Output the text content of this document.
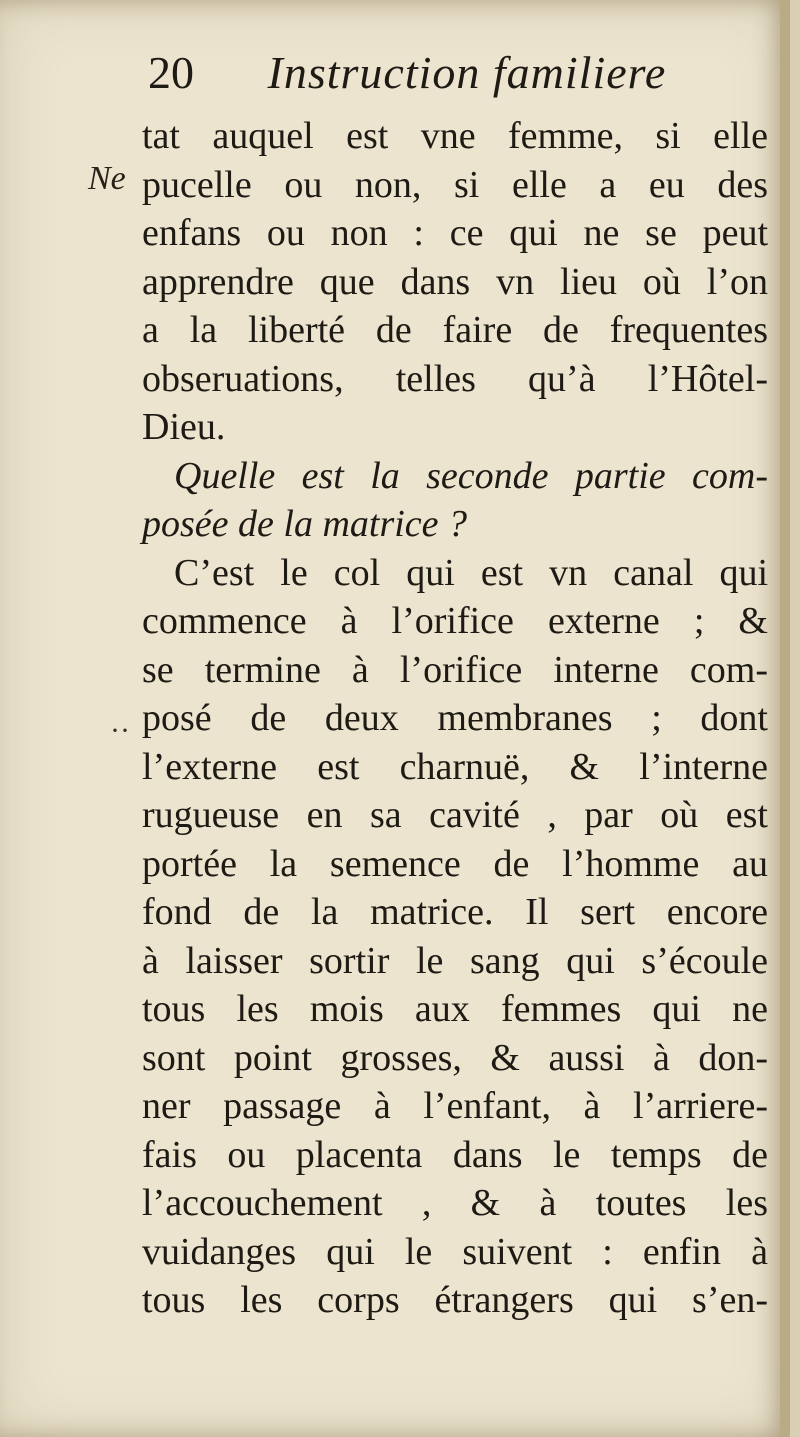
20 Instruction familiere
Ne
··
tat auquel est vne femme, si elle
pucelle ou non, si elle a eu des
enfans ou non : ce qui ne se peut
apprendre que dans vn lieu où l’on
a la liberté de faire de frequentes
obseruations, telles qu’à l’Hôtel-
Dieu.
Quelle est la seconde partie com-
posée de la matrice ?
C’est le col qui est vn canal qui
commence à l’orifice externe ; &
se termine à l’orifice interne com-
posé de deux membranes ; dont
l’externe est charnuë, & l’interne
rugueuse en sa cavité , par où est
portée la semence de l’homme au
fond de la matrice. Il sert encore
à laisser sortir le sang qui s’écoule
tous les mois aux femmes qui ne
sont point grosses, & aussi à don-
ner passage à l’enfant, à l’arriere-
fais ou placenta dans le temps de
l’accouchement , & à toutes les
vuidanges qui le suivent : enfin à
tous les corps étrangers qui s’en-
